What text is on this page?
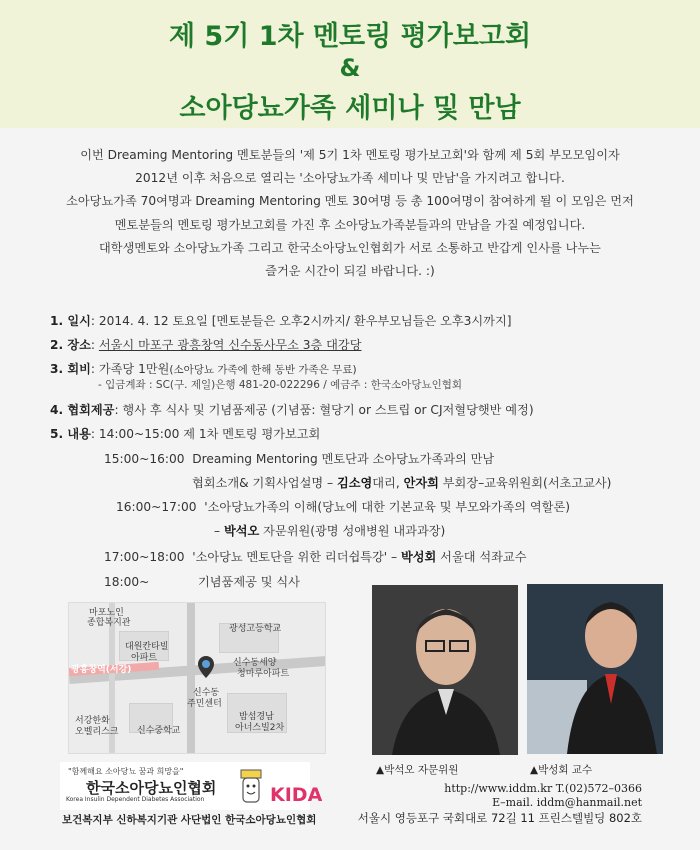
제 5기 1차 멘토링 평가보고회
&
소아당뇨가족 세미나 및 만남
이번 Dreaming Mentoring 멘토분들의 '제 5기 1차 멘토링 평가보고회'와 함께 제 5회 부모모임이자
2012년 이후 처음으로 열리는 '소아당뇨가족 세미나 및 만남'을 가지려고 합니다.
소아당뇨가족 70여명과 Dreaming Mentoring 멘토 30여명 등 총 100여명이 참여하게 될 이 모임은 먼저
멘토분들의 멘토링 평가보고회를 가진 후 소아당뇨가족분들과의 만남을 가질 예정입니다.
대학생멘토와 소아당뇨가족 그리고 한국소아당뇨인협회가 서로 소통하고 반갑게 인사를 나누는
즐거운 시간이 되길 바랍니다. :)
1. 일시: 2014. 4. 12 토요일 [멘토분들은 오후2시까지/ 환우부모님들은 오후3시까지]
2. 장소: 서울시 마포구 광흥창역 신수동사무소 3층 대강당
3. 회비: 가족당 1만원(소아당뇨 가족에 한해 동반 가족은 무료)
- 입금계좌 : SC(구. 제일)은행 481-20-022296 / 예금주 : 한국소아당뇨인협회
4. 협회제공: 행사 후 식사 및 기념품제공 (기념품: 혈당기 or 스트립 or CJ저혈당햇반 예정)
5. 내용: 14:00~15:00 제 1차 멘토링 평가보고회
15:00~16:00 Dreaming Mentoring 멘토단과 소아당뇨가족과의 만남
협회소개& 기획사업설명 – 김소영대리, 안자희 부회장–교육위원회(서초고교사)
16:00~17:00 '소아당뇨가족의 이해(당뇨에 대한 기본교육 및 부모와가족의 역할론)
– 박석오 자문위원(광명 성애병원 내과과장)
17:00~18:00 '소아당뇨 멘토단을 위한 리더쉽특강' – 박성회 서울대 석좌교수
18:00~	기념품제공 및 식사
마포노인
종합복지관
광성고등학교
대원칸타빌
아파트
광흥창역(서강)
신수동세양
청마루아파트
신수동
주민센터
서강한화
오벨리스크 신수중학교
밤섬경남
아너스빌2차
"함께해요 소아당뇨 꿈과 희망을"
한국소아당뇨인협회
Korea Insulin Dependent Diabetes Association	KIDA
보건복지부 신하복지기관 사단법인 한국소아당뇨인협회
▲박석오 자문위원	▲박성회 교수
http://www.iddm.kr T.(02)572–0366
E–mail. iddm@hanmail.net
서울시 영등포구 국회대로 72길 11 프린스텔빌딩 802호
